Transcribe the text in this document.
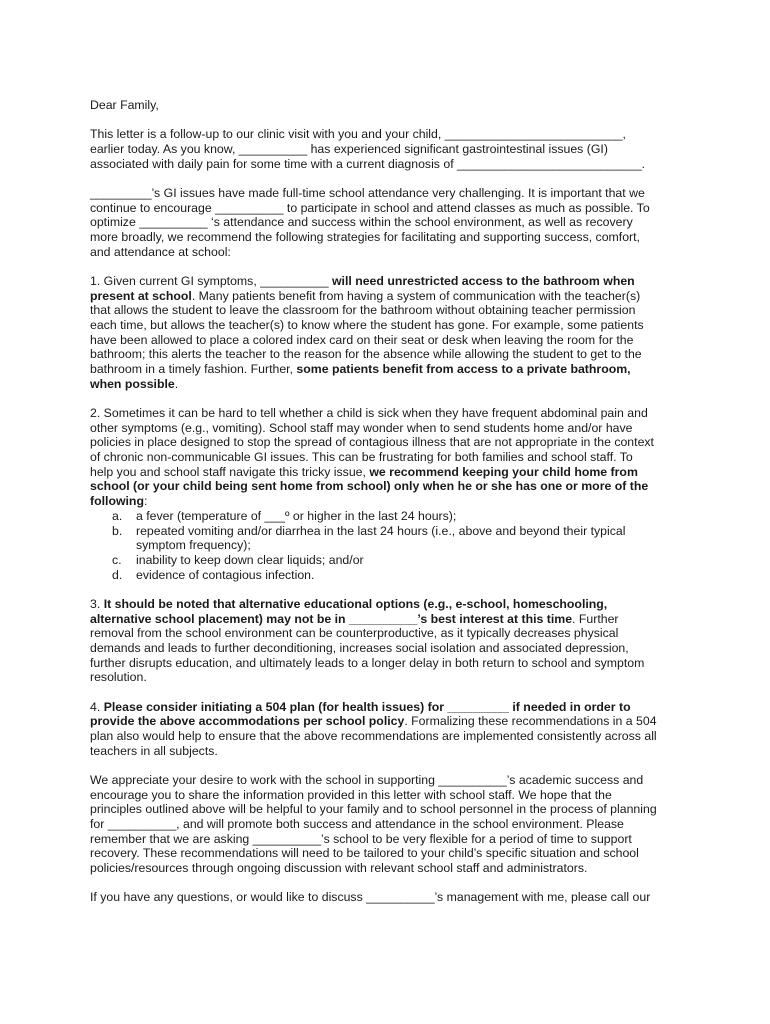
Dear Family,

This letter is a follow-up to our clinic visit with you and your child, __________________________, earlier today. As you know, __________ has experienced significant gastrointestinal issues (GI) associated with daily pain for some time with a current diagnosis of ___________________________.

_________’s GI issues have made full-time school attendance very challenging. It is important that we continue to encourage __________ to participate in school and attend classes as much as possible. To optimize __________ ‘s attendance and success within the school environment, as well as recovery more broadly, we recommend the following strategies for facilitating and supporting success, comfort, and attendance at school:

1. Given current GI symptoms, __________ will need unrestricted access to the bathroom when present at school. Many patients benefit from having a system of communication with the teacher(s) that allows the student to leave the classroom for the bathroom without obtaining teacher permission each time, but allows the teacher(s) to know where the student has gone. For example, some patients have been allowed to place a colored index card on their seat or desk when leaving the room for the bathroom; this alerts the teacher to the reason for the absence while allowing the student to get to the bathroom in a timely fashion. Further, some patients benefit from access to a private bathroom, when possible.

2. Sometimes it can be hard to tell whether a child is sick when they have frequent abdominal pain and other symptoms (e.g., vomiting). School staff may wonder when to send students home and/or have policies in place designed to stop the spread of contagious illness that are not appropriate in the context of chronic non-communicable GI issues. This can be frustrating for both families and school staff. To help you and school staff navigate this tricky issue, we recommend keeping your child home from school (or your child being sent home from school) only when he or she has one or more of the following:

a. a fever (temperature of ___º or higher in the last 24 hours);
b. repeated vomiting and/or diarrhea in the last 24 hours (i.e., above and beyond their typical symptom frequency);
c. inability to keep down clear liquids; and/or
d. evidence of contagious infection.

3. It should be noted that alternative educational options (e.g., e-school, homeschooling, alternative school placement) may not be in __________’s best interest at this time. Further removal from the school environment can be counterproductive, as it typically decreases physical demands and leads to further deconditioning, increases social isolation and associated depression, further disrupts education, and ultimately leads to a longer delay in both return to school and symptom resolution.

4. Please consider initiating a 504 plan (for health issues) for _________ if needed in order to provide the above accommodations per school policy. Formalizing these recommendations in a 504 plan also would help to ensure that the above recommendations are implemented consistently across all teachers in all subjects.

We appreciate your desire to work with the school in supporting __________’s academic success and encourage you to share the information provided in this letter with school staff. We hope that the principles outlined above will be helpful to your family and to school personnel in the process of planning for __________, and will promote both success and attendance in the school environment. Please remember that we are asking __________’s school to be very flexible for a period of time to support recovery. These recommendations will need to be tailored to your child’s specific situation and school policies/resources through ongoing discussion with relevant school staff and administrators.

If you have any questions, or would like to discuss __________’s management with me, please call our
